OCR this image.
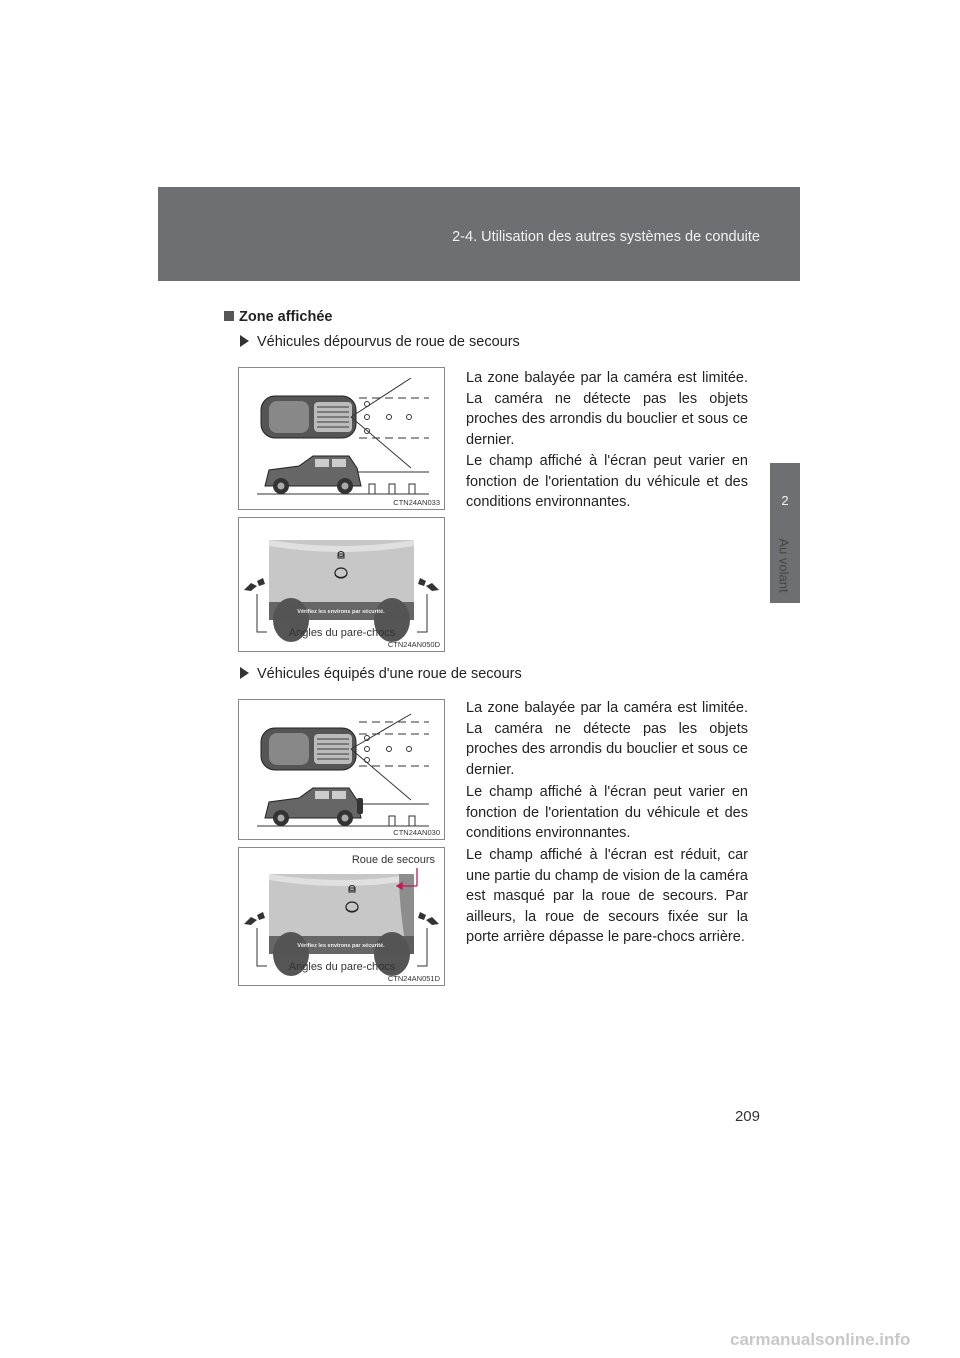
2-4. Utilisation des autres systèmes de conduite
2
Au volant
Zone affichée
Véhicules dépourvus de roue de secours
La zone balayée par la caméra est limitée. La caméra ne détecte pas les objets proches des arrondis du bouclier et sous ce dernier.
Le champ affiché à l'écran peut varier en fonction de l'orientation du véhicule et des conditions environnantes.
CTN24AN033
Vérifiez les environs par sécurité.
Angles du pare-chocs
CTN24AN050D
Véhicules équipés d'une roue de secours
La zone balayée par la caméra est limitée. La caméra ne détecte pas les objets proches des arrondis du bouclier et sous ce dernier.
Le champ affiché à l'écran peut varier en fonction de l'orientation du véhicule et des conditions environnantes.
Le champ affiché à l'écran est réduit, car une partie du champ de vision de la caméra est masqué par la roue de secours. Par ailleurs, la roue de secours fixée sur la porte arrière dépasse le pare-chocs arrière.
CTN24AN030
Roue de secours
Vérifiez les environs par sécurité.
Angles du pare-chocs
CTN24AN051D
209
carmanualsonline.info
